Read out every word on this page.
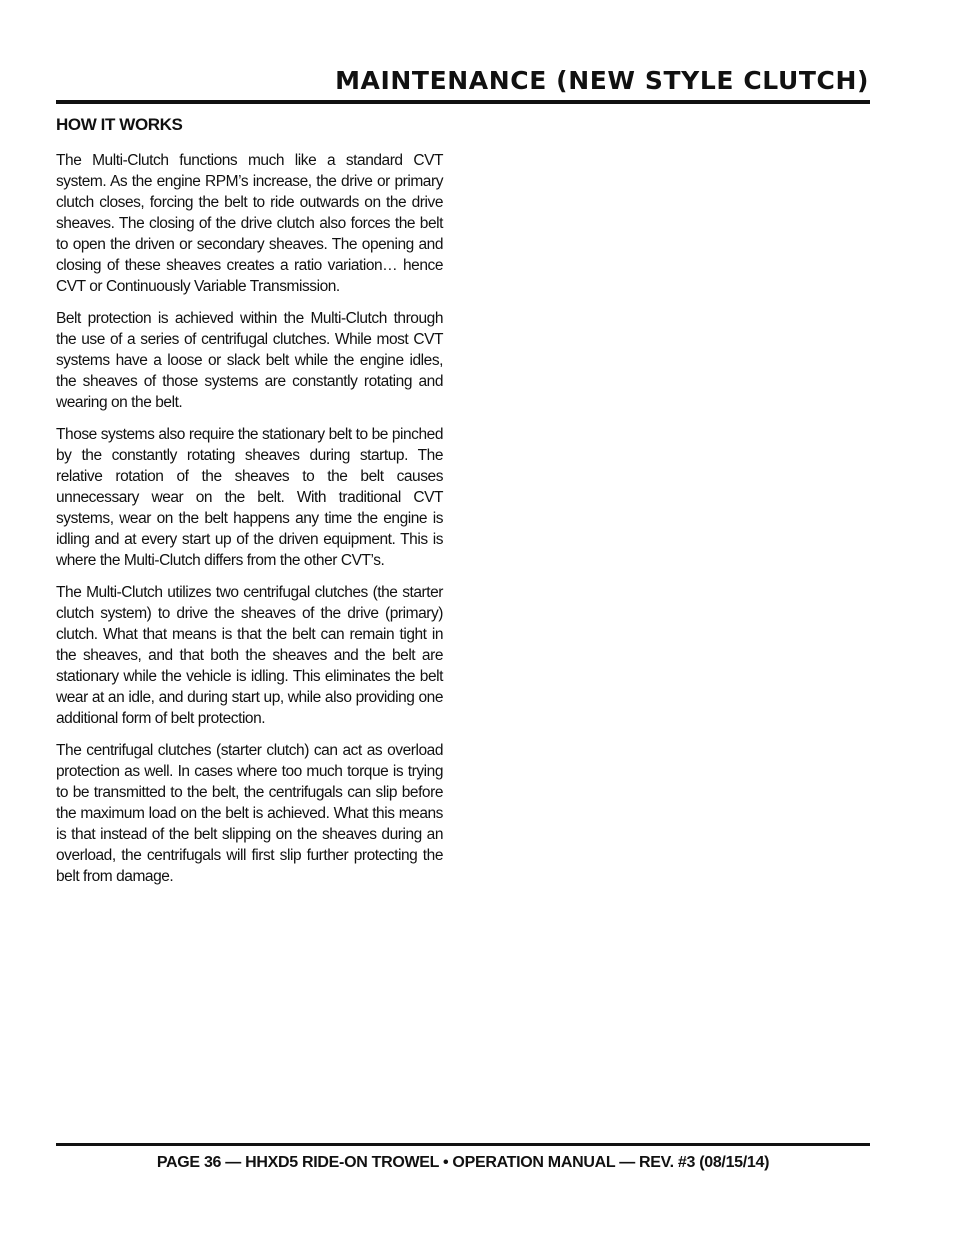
MAINTENANCE (NEW STYLE CLUTCH)
HOW IT WORKS

The Multi-Clutch functions much like a standard CVT system. As the engine RPM’s increase, the drive or primary clutch closes, forcing the belt to ride outwards on the drive sheaves. The closing of the drive clutch also forces the belt to open the driven or secondary sheaves. The opening and closing of these sheaves creates a ratio variation… hence CVT or Continuously Variable Transmission.

Belt protection is achieved within the Multi-Clutch through the use of a series of centrifugal clutches. While most CVT systems have a loose or slack belt while the engine idles, the sheaves of those systems are constantly rotating and wearing on the belt.

Those systems also require the stationary belt to be pinched by the constantly rotating sheaves during startup. The relative rotation of the sheaves to the belt causes unnecessary wear on the belt. With traditional CVT systems, wear on the belt happens any time the engine is idling and at every start up of the driven equipment. This is where the Multi-Clutch differs from the other CVT’s.

The Multi-Clutch utilizes two centrifugal clutches (the starter clutch system) to drive the sheaves of the drive (primary) clutch. What that means is that the belt can remain tight in the sheaves, and that both the sheaves and the belt are stationary while the vehicle is idling. This eliminates the belt wear at an idle, and during start up, while also providing one additional form of belt protection.

The centrifugal clutches (starter clutch) can act as overload protection as well. In cases where too much torque is trying to be transmitted to the belt, the centrifugals can slip before the maximum load on the belt is achieved. What this means is that instead of the belt slipping on the sheaves during an overload, the centrifugals will first slip further protecting the belt from damage.

PAGE 36 — HHXD5 RIDE-ON TROWEL • OPERATION MANUAL — REV. #3 (08/15/14)
